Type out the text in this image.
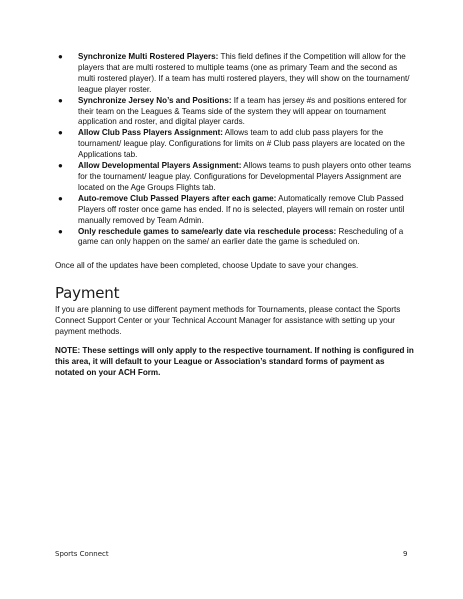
● Synchronize Multi Rostered Players: This field defines if the Competition will allow for the players that are multi rostered to multiple teams (one as primary Team and the second as multi rostered player). If a team has multi rostered players, they will show on the tournament/ league player roster.
● Synchronize Jersey No’s and Positions: If a team has jersey #s and positions entered for their team on the Leagues & Teams side of the system they will appear on tournament application and roster, and digital player cards.
● Allow Club Pass Players Assignment: Allows team to add club pass players for the tournament/ league play. Configurations for limits on # Club pass players are located on the Applications tab.
● Allow Developmental Players Assignment: Allows teams to push players onto other teams for the tournament/ league play. Configurations for Developmental Players Assignment are located on the Age Groups Flights tab.
● Auto-remove Club Passed Players after each game: Automatically remove Club Passed Players off roster once game has ended. If no is selected, players will remain on roster until manually removed by Team Admin.
● Only reschedule games to same/early date via reschedule process: Rescheduling of a game can only happen on the same/ an earlier date the game is scheduled on.

Once all of the updates have been completed, choose Update to save your changes.

Payment

If you are planning to use different payment methods for Tournaments, please contact the Sports Connect Support Center or your Technical Account Manager for assistance with setting up your payment methods.

NOTE: These settings will only apply to the respective tournament. If nothing is configured in this area, it will default to your League or Association’s standard forms of payment as notated on your ACH Form.

Sports Connect	9
